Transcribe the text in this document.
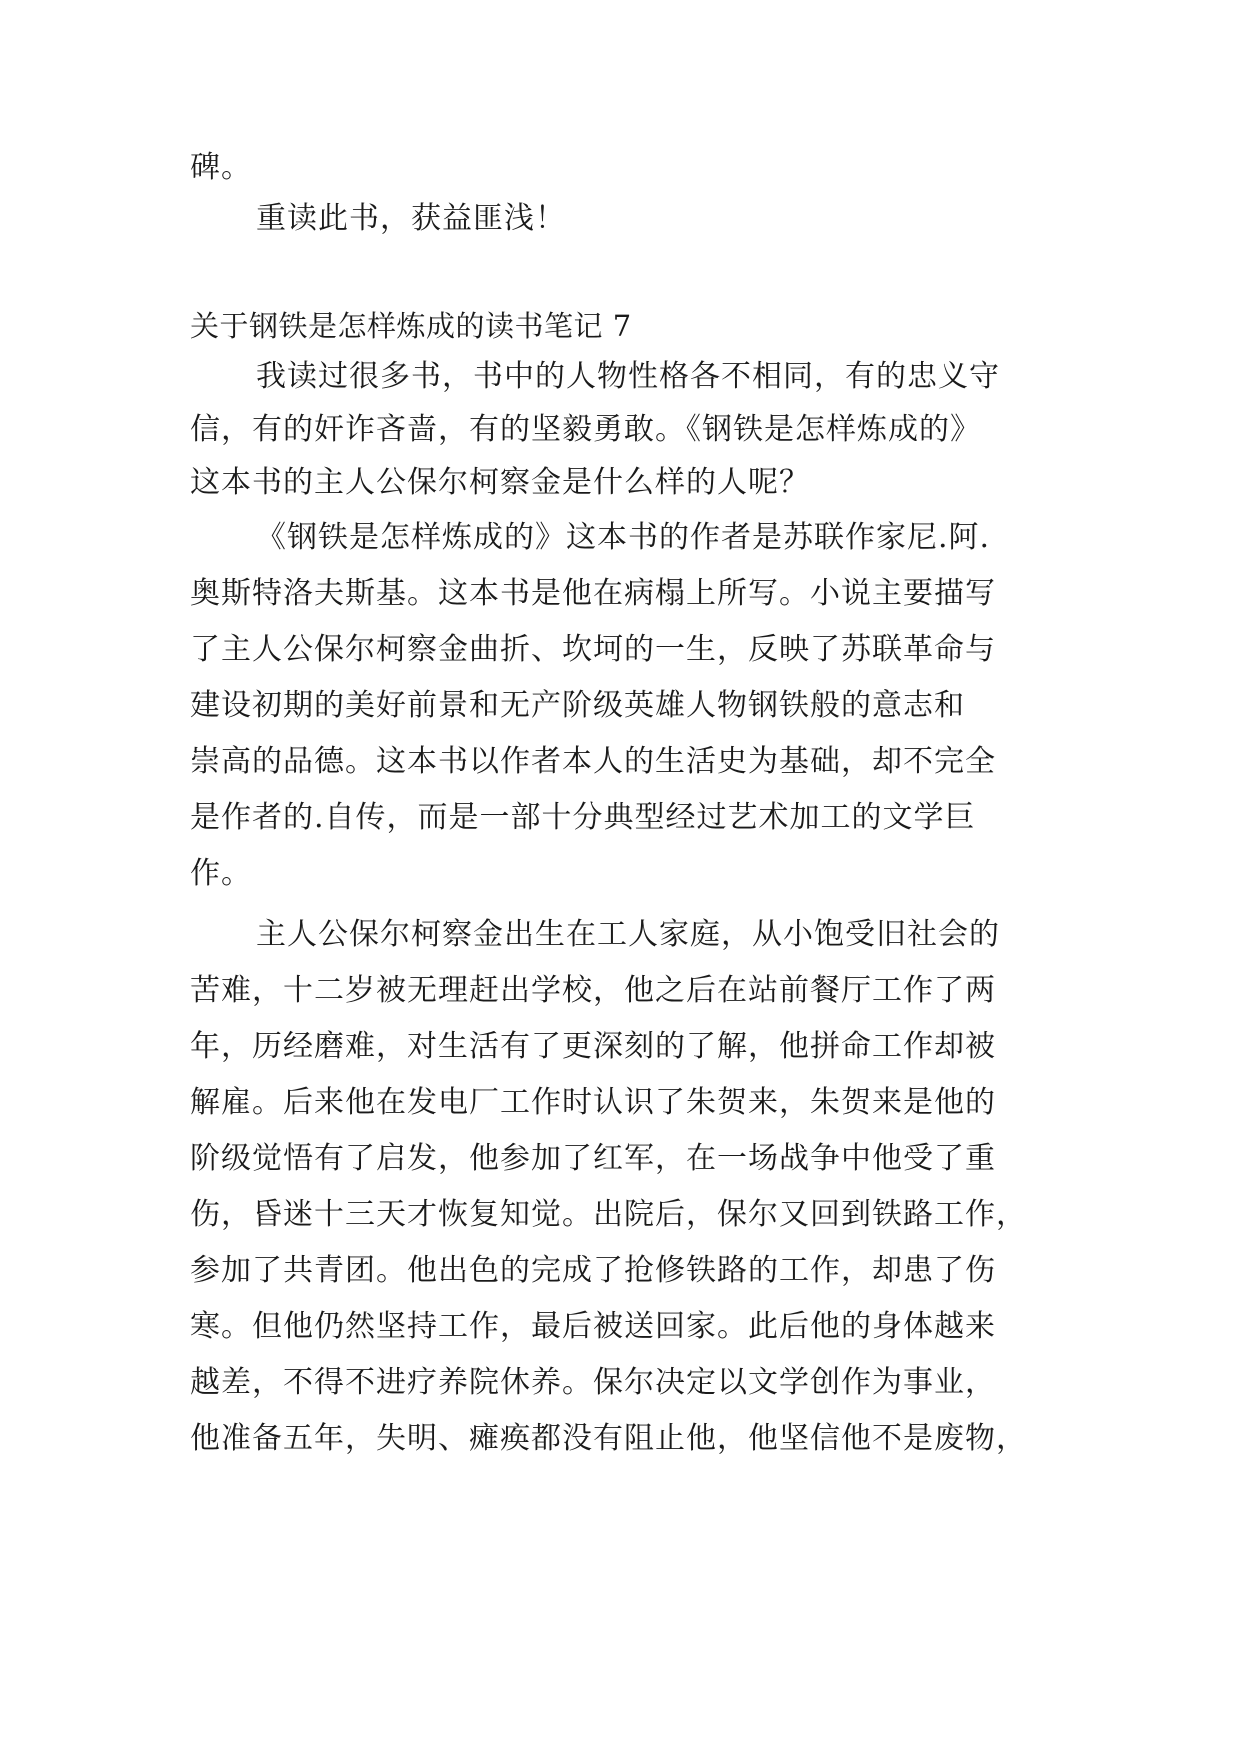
碑。
重读此书，获益匪浅！
关于钢铁是怎样炼成的读书笔记 7
我读过很多书，书中的人物性格各不相同，有的忠义守
信，有的奸诈吝啬，有的坚毅勇敢。《钢铁是怎样炼成的》
这本书的主人公保尔柯察金是什么样的人呢？
《钢铁是怎样炼成的》这本书的作者是苏联作家尼.阿.
奥斯特洛夫斯基。这本书是他在病榻上所写。小说主要描写
了主人公保尔柯察金曲折、坎坷的一生，反映了苏联革命与
建设初期的美好前景和无产阶级英雄人物钢铁般的意志和
崇高的品德。这本书以作者本人的生活史为基础，却不完全
是作者的.自传，而是一部十分典型经过艺术加工的文学巨
作。
主人公保尔柯察金出生在工人家庭，从小饱受旧社会的
苦难，十二岁被无理赶出学校，他之后在站前餐厅工作了两
年，历经磨难，对生活有了更深刻的了解，他拼命工作却被
解雇。后来他在发电厂工作时认识了朱贺来，朱贺来是他的
阶级觉悟有了启发，他参加了红军，在一场战争中他受了重
伤，昏迷十三天才恢复知觉。出院后，保尔又回到铁路工作，
参加了共青团。他出色的完成了抢修铁路的工作，却患了伤
寒。但他仍然坚持工作，最后被送回家。此后他的身体越来
越差，不得不进疗养院休养。保尔决定以文学创作为事业，
他准备五年，失明、瘫痪都没有阻止他，他坚信他不是废物，
